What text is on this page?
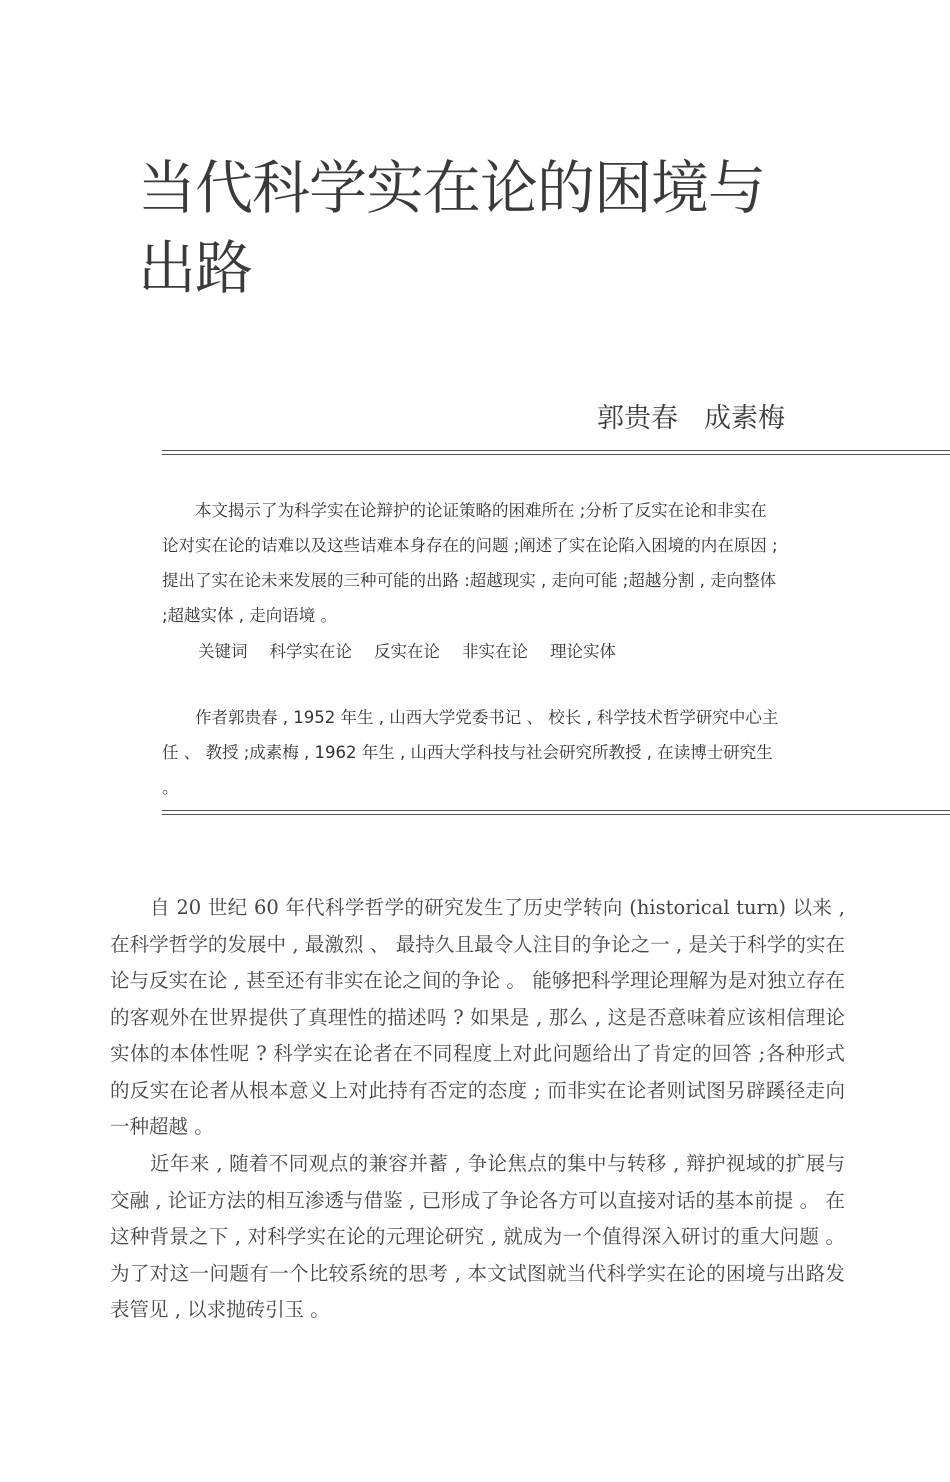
当代科学实在论的困境与出路
郭贵春 成素梅

本文揭示了为科学实在论辩护的论证策略的困难所在 ;分析了反实在论和非实在论对实在论的诘难以及这些诘难本身存在的问题 ;阐述了实在论陷入困境的内在原因 ;提出了实在论未来发展的三种可能的出路 :超越现实 , 走向可能 ;超越分割 , 走向整体 ;超越实体 , 走向语境 。

关键词 科学实在论 反实在论 非实在论 理论实体

作者郭贵春 , 1952 年生 , 山西大学党委书记 、 校长 , 科学技术哲学研究中心主任 、 教授 ;成素梅 , 1962 年生 , 山西大学科技与社会研究所教授 , 在读博士研究生 。

自 20 世纪 60 年代科学哲学的研究发生了历史学转向 (historical turn) 以来 , 在科学哲学的发展中 , 最激烈 、 最持久且最令人注目的争论之一 , 是关于科学的实在论与反实在论 , 甚至还有非实在论之间的争论 。 能够把科学理论理解为是对独立存在的客观外在世界提供了真理性的描述吗 ? 如果是 , 那么 , 这是否意味着应该相信理论实体的本体性呢 ? 科学实在论者在不同程度上对此问题给出了肯定的回答 ;各种形式的反实在论者从根本意义上对此持有否定的态度 ; 而非实在论者则试图另辟蹊径走向一种超越 。

近年来 , 随着不同观点的兼容并蓄 , 争论焦点的集中与转移 , 辩护视域的扩展与交融 , 论证方法的相互渗透与借鉴 , 已形成了争论各方可以直接对话的基本前提 。 在这种背景之下 , 对科学实在论的元理论研究 , 就成为一个值得深入研讨的重大问题 。 为了对这一问题有一个比较系统的思考 , 本文试图就当代科学实在论的困境与出路发表管见 , 以求抛砖引玉 。
